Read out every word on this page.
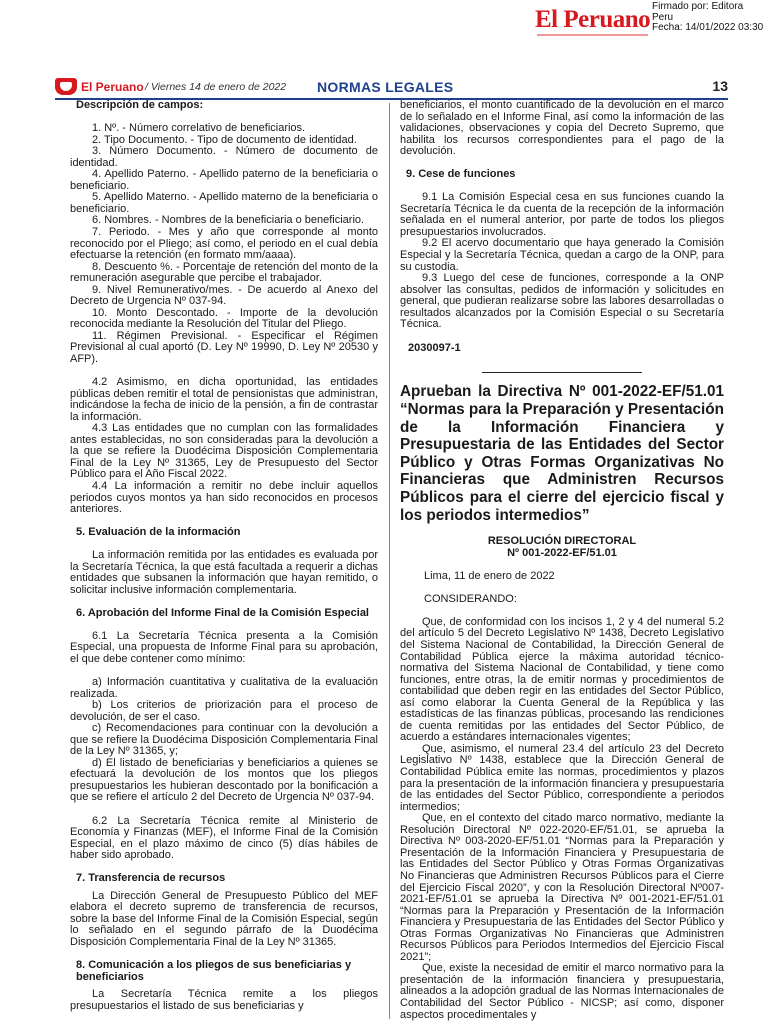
El Peruano Firmado por: Editora
Peru
Fecha: 14/01/2022 03:30
El Peruano / Viernes 14 de enero de 2022 NORMAS LEGALES	13
Descripción de campos:
1. Nº. - Número correlativo de beneficiarios.
2. Tipo Documento. - Tipo de documento de identidad.
3. Número Documento. - Número de documento de identidad.
4. Apellido Paterno. - Apellido paterno de la beneficiaria o beneficiario.
5. Apellido Materno. - Apellido materno de la beneficiaria o beneficiario.
6. Nombres. - Nombres de la beneficiaria o beneficiario.
7. Periodo. - Mes y año que corresponde al monto reconocido por el Pliego; así como, el periodo en el cual debía efectuarse la retención (en formato mm/aaaa).
8. Descuento %. - Porcentaje de retención del monto de la remuneración asegurable que percibe el trabajador.
9. Nivel Remunerativo/mes. - De acuerdo al Anexo del Decreto de Urgencia Nº 037-94.
10. Monto Descontado. - Importe de la devolución reconocida mediante la Resolución del Titular del Pliego.
11. Régimen Previsional. - Especificar el Régimen Previsional al cual aportó (D. Ley Nº 19990, D. Ley Nº 20530 y AFP).
4.2 Asimismo, en dicha oportunidad, las entidades públicas deben remitir el total de pensionistas que administran, indicándose la fecha de inicio de la pensión, a fin de contrastar la información.
4.3 Las entidades que no cumplan con las formalidades antes establecidas, no son consideradas para la devolución a la que se refiere la Duodécima Disposición Complementaria Final de la Ley Nº 31365, Ley de Presupuesto del Sector Público para el Año Fiscal 2022.
4.4 La información a remitir no debe incluir aquellos periodos cuyos montos ya han sido reconocidos en procesos anteriores.
5. Evaluación de la información
La información remitida por las entidades es evaluada por la Secretaría Técnica, la que está facultada a requerir a dichas entidades que subsanen la información que hayan remitido, o solicitar inclusive información complementaria.
6. Aprobación del Informe Final de la Comisión Especial
6.1 La Secretaría Técnica presenta a la Comisión Especial, una propuesta de Informe Final para su aprobación, el que debe contener como mínimo:
a) Información cuantitativa y cualitativa de la evaluación realizada.
b) Los criterios de priorización para el proceso de devolución, de ser el caso.
c) Recomendaciones para continuar con la devolución a que se refiere la Duodécima Disposición Complementaria Final de la Ley Nº 31365, y;
d) El listado de beneficiarias y beneficiarios a quienes se efectuará la devolución de los montos que los pliegos presupuestarios les hubieran descontado por la bonificación a que se refiere el artículo 2 del Decreto de Urgencia Nº 037-94.
6.2 La Secretaría Técnica remite al Ministerio de Economía y Finanzas (MEF), el Informe Final de la Comisión Especial, en el plazo máximo de cinco (5) días hábiles de haber sido aprobado.
7. Transferencia de recursos
La Dirección General de Presupuesto Público del MEF elabora el decreto supremo de transferencia de recursos, sobre la base del Informe Final de la Comisión Especial, según lo señalado en el segundo párrafo de la Duodécima Disposición Complementaria Final de la Ley Nº 31365.
8. Comunicación a los pliegos de sus beneficiarias y beneficiarios
La Secretaría Técnica remite a los pliegos presupuestarios el listado de sus beneficiarias y
beneficiarios, el monto cuantificado de la devolución en el marco de lo señalado en el Informe Final, así como la información de las validaciones, observaciones y copia del Decreto Supremo, que habilita los recursos correspondientes para el pago de la devolución.
9. Cese de funciones
9.1 La Comisión Especial cesa en sus funciones cuando la Secretaría Técnica le da cuenta de la recepción de la información señalada en el numeral anterior, por parte de todos los pliegos presupuestarios involucrados.
9.2 El acervo documentario que haya generado la Comisión Especial y la Secretaría Técnica, quedan a cargo de la ONP, para su custodia.
9.3 Luego del cese de funciones, corresponde a la ONP absolver las consultas, pedidos de información y solicitudes en general, que pudieran realizarse sobre las labores desarrolladas o resultados alcanzados por la Comisión Especial o su Secretaría Técnica.
2030097-1
Aprueban la Directiva Nº 001-2022-EF/51.01 “Normas para la Preparación y Presentación de la Información Financiera y Presupuestaria de las Entidades del Sector Público y Otras Formas Organizativas No Financieras que Administren Recursos Públicos para el cierre del ejercicio fiscal y los periodos intermedios”
RESOLUCIÓN DIRECTORAL
Nº 001-2022-EF/51.01
Lima, 11 de enero de 2022
CONSIDERANDO:
Que, de conformidad con los incisos 1, 2 y 4 del numeral 5.2 del artículo 5 del Decreto Legislativo Nº 1438, Decreto Legislativo del Sistema Nacional de Contabilidad, la Dirección General de Contabilidad Pública ejerce la máxima autoridad técnico-normativa del Sistema Nacional de Contabilidad, y tiene como funciones, entre otras, la de emitir normas y procedimientos de contabilidad que deben regir en las entidades del Sector Público, así como elaborar la Cuenta General de la República y las estadísticas de las finanzas públicas, procesando las rendiciones de cuenta remitidas por las entidades del Sector Público, de acuerdo a estándares internacionales vigentes;
Que, asimismo, el numeral 23.4 del artículo 23 del Decreto Legislativo Nº 1438, establece que la Dirección General de Contabilidad Pública emite las normas, procedimientos y plazos para la presentación de la información financiera y presupuestaria de las entidades del Sector Público, correspondiente a periodos intermedios;
Que, en el contexto del citado marco normativo, mediante la Resolución Directoral Nº 022-2020-EF/51.01, se aprueba la Directiva Nº 003-2020-EF/51.01 “Normas para la Preparación y Presentación de la Información Financiera y Presupuestaria de las Entidades del Sector Público y Otras Formas Organizativas No Financieras que Administren Recursos Públicos para el Cierre del Ejercicio Fiscal 2020”, y con la Resolución Directoral Nº007-2021-EF/51.01 se aprueba la Directiva Nº 001-2021-EF/51.01 “Normas para la Preparación y Presentación de la Información Financiera y Presupuestaria de las Entidades del Sector Público y Otras Formas Organizativas No Financieras que Administren Recursos Públicos para Periodos Intermedios del Ejercicio Fiscal 2021”;
Que, existe la necesidad de emitir el marco normativo para la presentación de la información financiera y presupuestaria, alineados a la adopción gradual de las Normas Internacionales de Contabilidad del Sector Público - NICSP; así como, disponer aspectos procedimentales y
